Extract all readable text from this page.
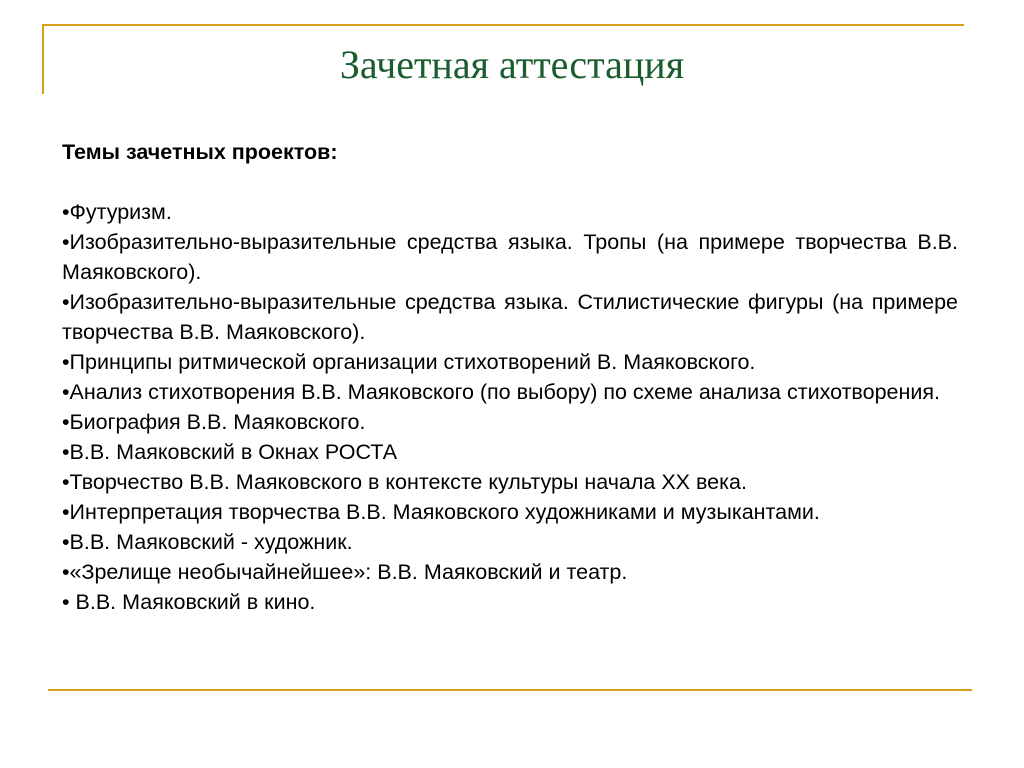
Зачетная аттестация
Темы зачетных проектов:
•Футуризм.
•Изобразительно-выразительные средства языка. Тропы (на примере творчества В.В. Маяковского).
•Изобразительно-выразительные средства языка. Стилистические фигуры (на примере творчества В.В. Маяковского).
•Принципы ритмической организации стихотворений В. Маяковского.
•Анализ стихотворения В.В. Маяковского (по выбору) по схеме анализа стихотворения.
•Биография В.В. Маяковского.
•В.В. Маяковский в Окнах РОСТА
•Творчество В.В. Маяковского в контексте культуры начала XX века.
•Интерпретация творчества В.В. Маяковского художниками и музыкантами.
•В.В. Маяковский - художник.
•«Зрелище необычайнейшее»: В.В. Маяковский и театр.
• В.В. Маяковский в кино.
